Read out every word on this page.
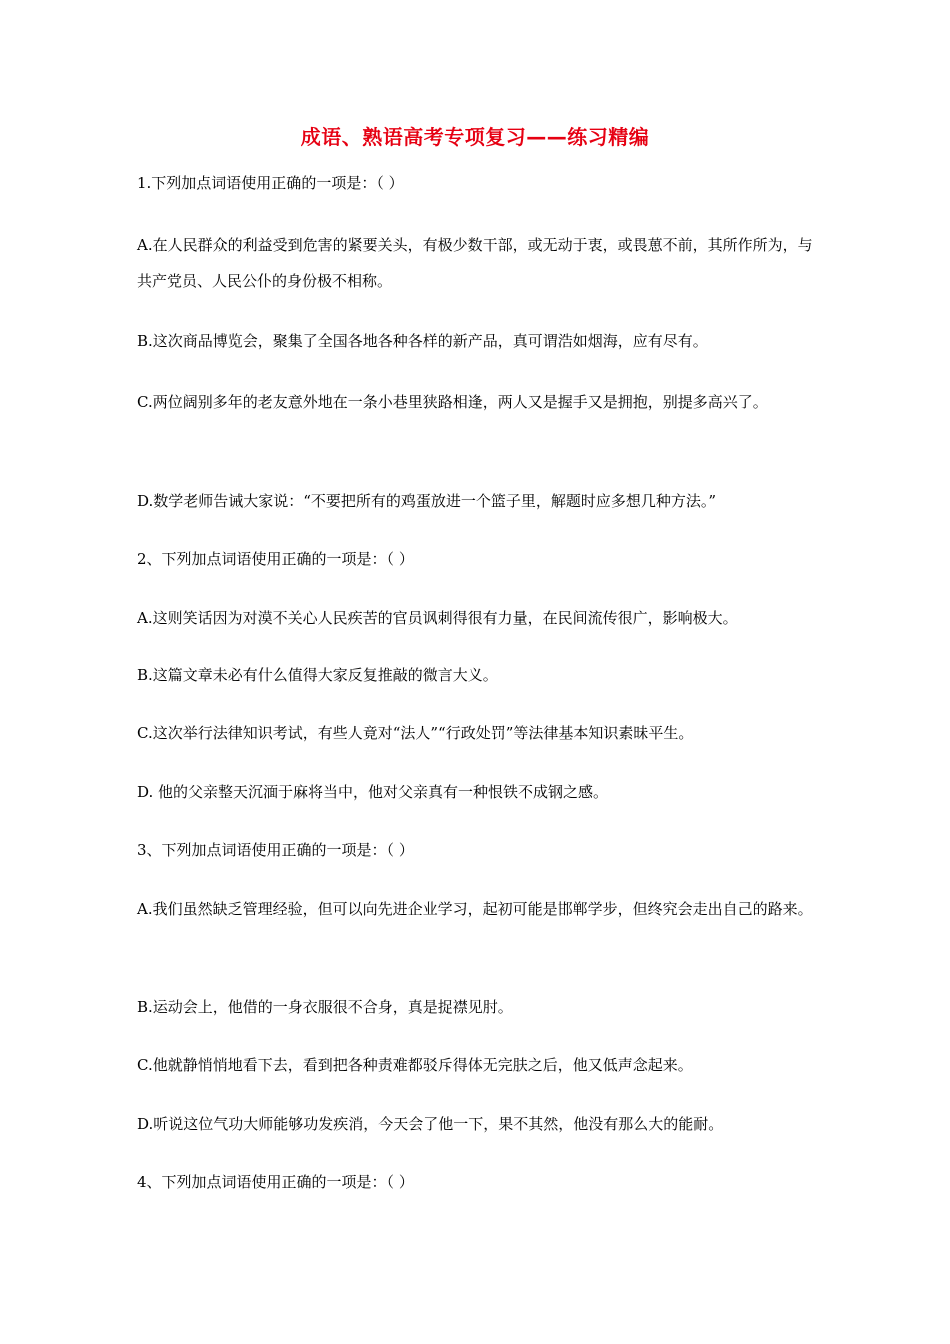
成语、熟语高考专项复习——练习精编
1.下列加点词语使用正确的一项是：（ ）
A.在人民群众的利益受到危害的紧要关头，有极少数干部，或无动于衷，或畏葸不前，其所作所为，与共产党员、人民公仆的身份极不相称。
B.这次商品博览会，聚集了全国各地各种各样的新产品，真可谓浩如烟海，应有尽有。
C.两位阔别多年的老友意外地在一条小巷里狭路相逢，两人又是握手又是拥抱，别提多高兴了。
D.数学老师告诫大家说：“不要把所有的鸡蛋放进一个篮子里，解题时应多想几种方法。”
2、下列加点词语使用正确的一项是：（ ）
A.这则笑话因为对漠不关心人民疾苦的官员讽刺得很有力量，在民间流传很广，影响极大。
B.这篇文章未必有什么值得大家反复推敲的微言大义。
C.这次举行法律知识考试，有些人竟对“法人”“行政处罚”等法律基本知识素昧平生。
D. 他的父亲整天沉湎于麻将当中，他对父亲真有一种恨铁不成钢之感。
3、下列加点词语使用正确的一项是：（ ）
A.我们虽然缺乏管理经验，但可以向先进企业学习，起初可能是邯郸学步，但终究会走出自己的路来。
B.运动会上，他借的一身衣服很不合身，真是捉襟见肘。
C.他就静悄悄地看下去，看到把各种责难都驳斥得体无完肤之后，他又低声念起来。
D.听说这位气功大师能够功发疾消，今天会了他一下，果不其然，他没有那么大的能耐。
4、下列加点词语使用正确的一项是：（ ）
